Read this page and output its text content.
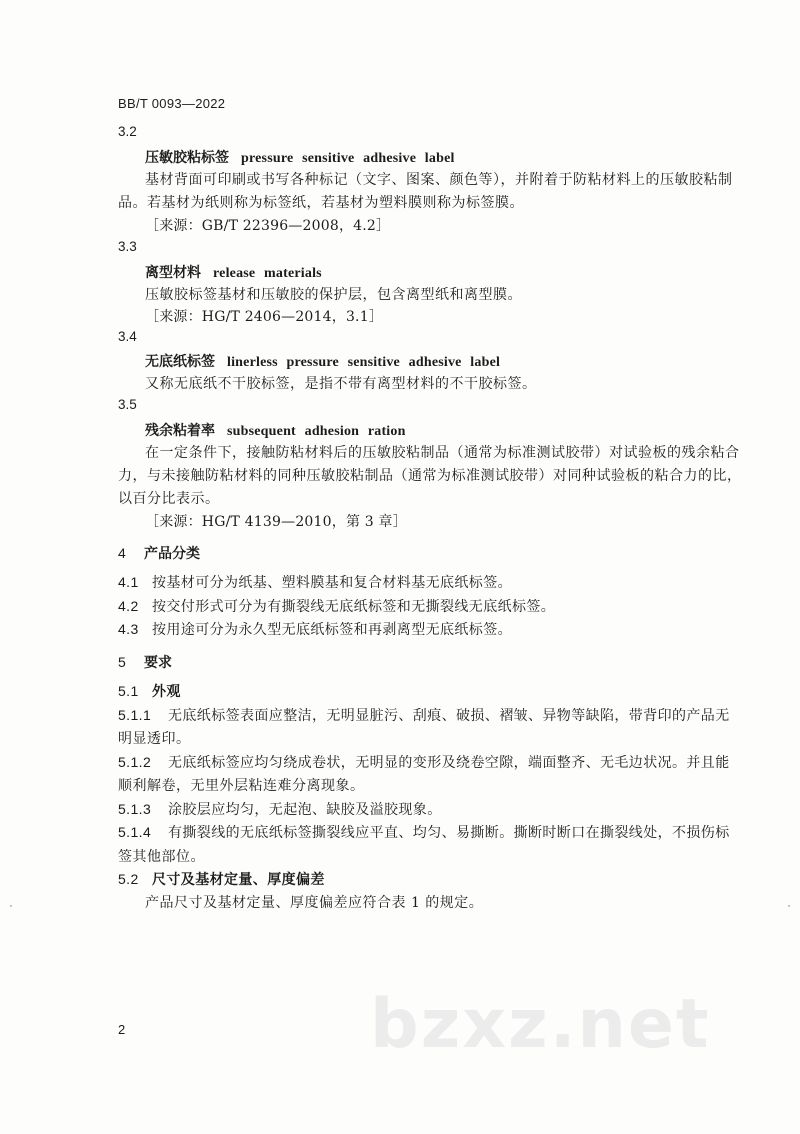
BB/T 0093—2022
3.2
压敏胶粘标签 pressure sensitive adhesive label
基材背面可印刷或书写各种标记（文字、图案、颜色等），并附着于防粘材料上的压敏胶粘制
品。若基材为纸则称为标签纸，若基材为塑料膜则称为标签膜。
［来源：GB/T 22396—2008，4.2］
3.3
离型材料 release materials
压敏胶标签基材和压敏胶的保护层，包含离型纸和离型膜。
［来源：HG/T 2406—2014，3.1］
3.4
无底纸标签 linerless pressure sensitive adhesive label
又称无底纸不干胶标签，是指不带有离型材料的不干胶标签。
3.5
残余粘着率 subsequent adhesion ration
在一定条件下，接触防粘材料后的压敏胶粘制品（通常为标准测试胶带）对试验板的残余粘合
力，与未接触防粘材料的同种压敏胶粘制品（通常为标准测试胶带）对同种试验板的粘合力的比，
以百分比表示。
［来源：HG/T 4139—2010，第 3 章］
4 产品分类
4.1 按基材可分为纸基、塑料膜基和复合材料基无底纸标签。
4.2 按交付形式可分为有撕裂线无底纸标签和无撕裂线无底纸标签。
4.3 按用途可分为永久型无底纸标签和再剥离型无底纸标签。
5 要求
5.1 外观
5.1.1 无底纸标签表面应整洁，无明显脏污、刮痕、破损、褶皱、异物等缺陷，带背印的产品无
明显透印。
5.1.2 无底纸标签应均匀绕成卷状，无明显的变形及绕卷空隙，端面整齐、无毛边状况。并且能
顺利解卷，无里外层粘连难分离现象。
5.1.3 涂胶层应均匀，无起泡、缺胶及溢胶现象。
5.1.4 有撕裂线的无底纸标签撕裂线应平直、均匀、易撕断。撕断时断口在撕裂线处，不损伤标
签其他部位。
5.2 尺寸及基材定量、厚度偏差
产品尺寸及基材定量、厚度偏差应符合表 1 的规定。
2	bzxz.net
